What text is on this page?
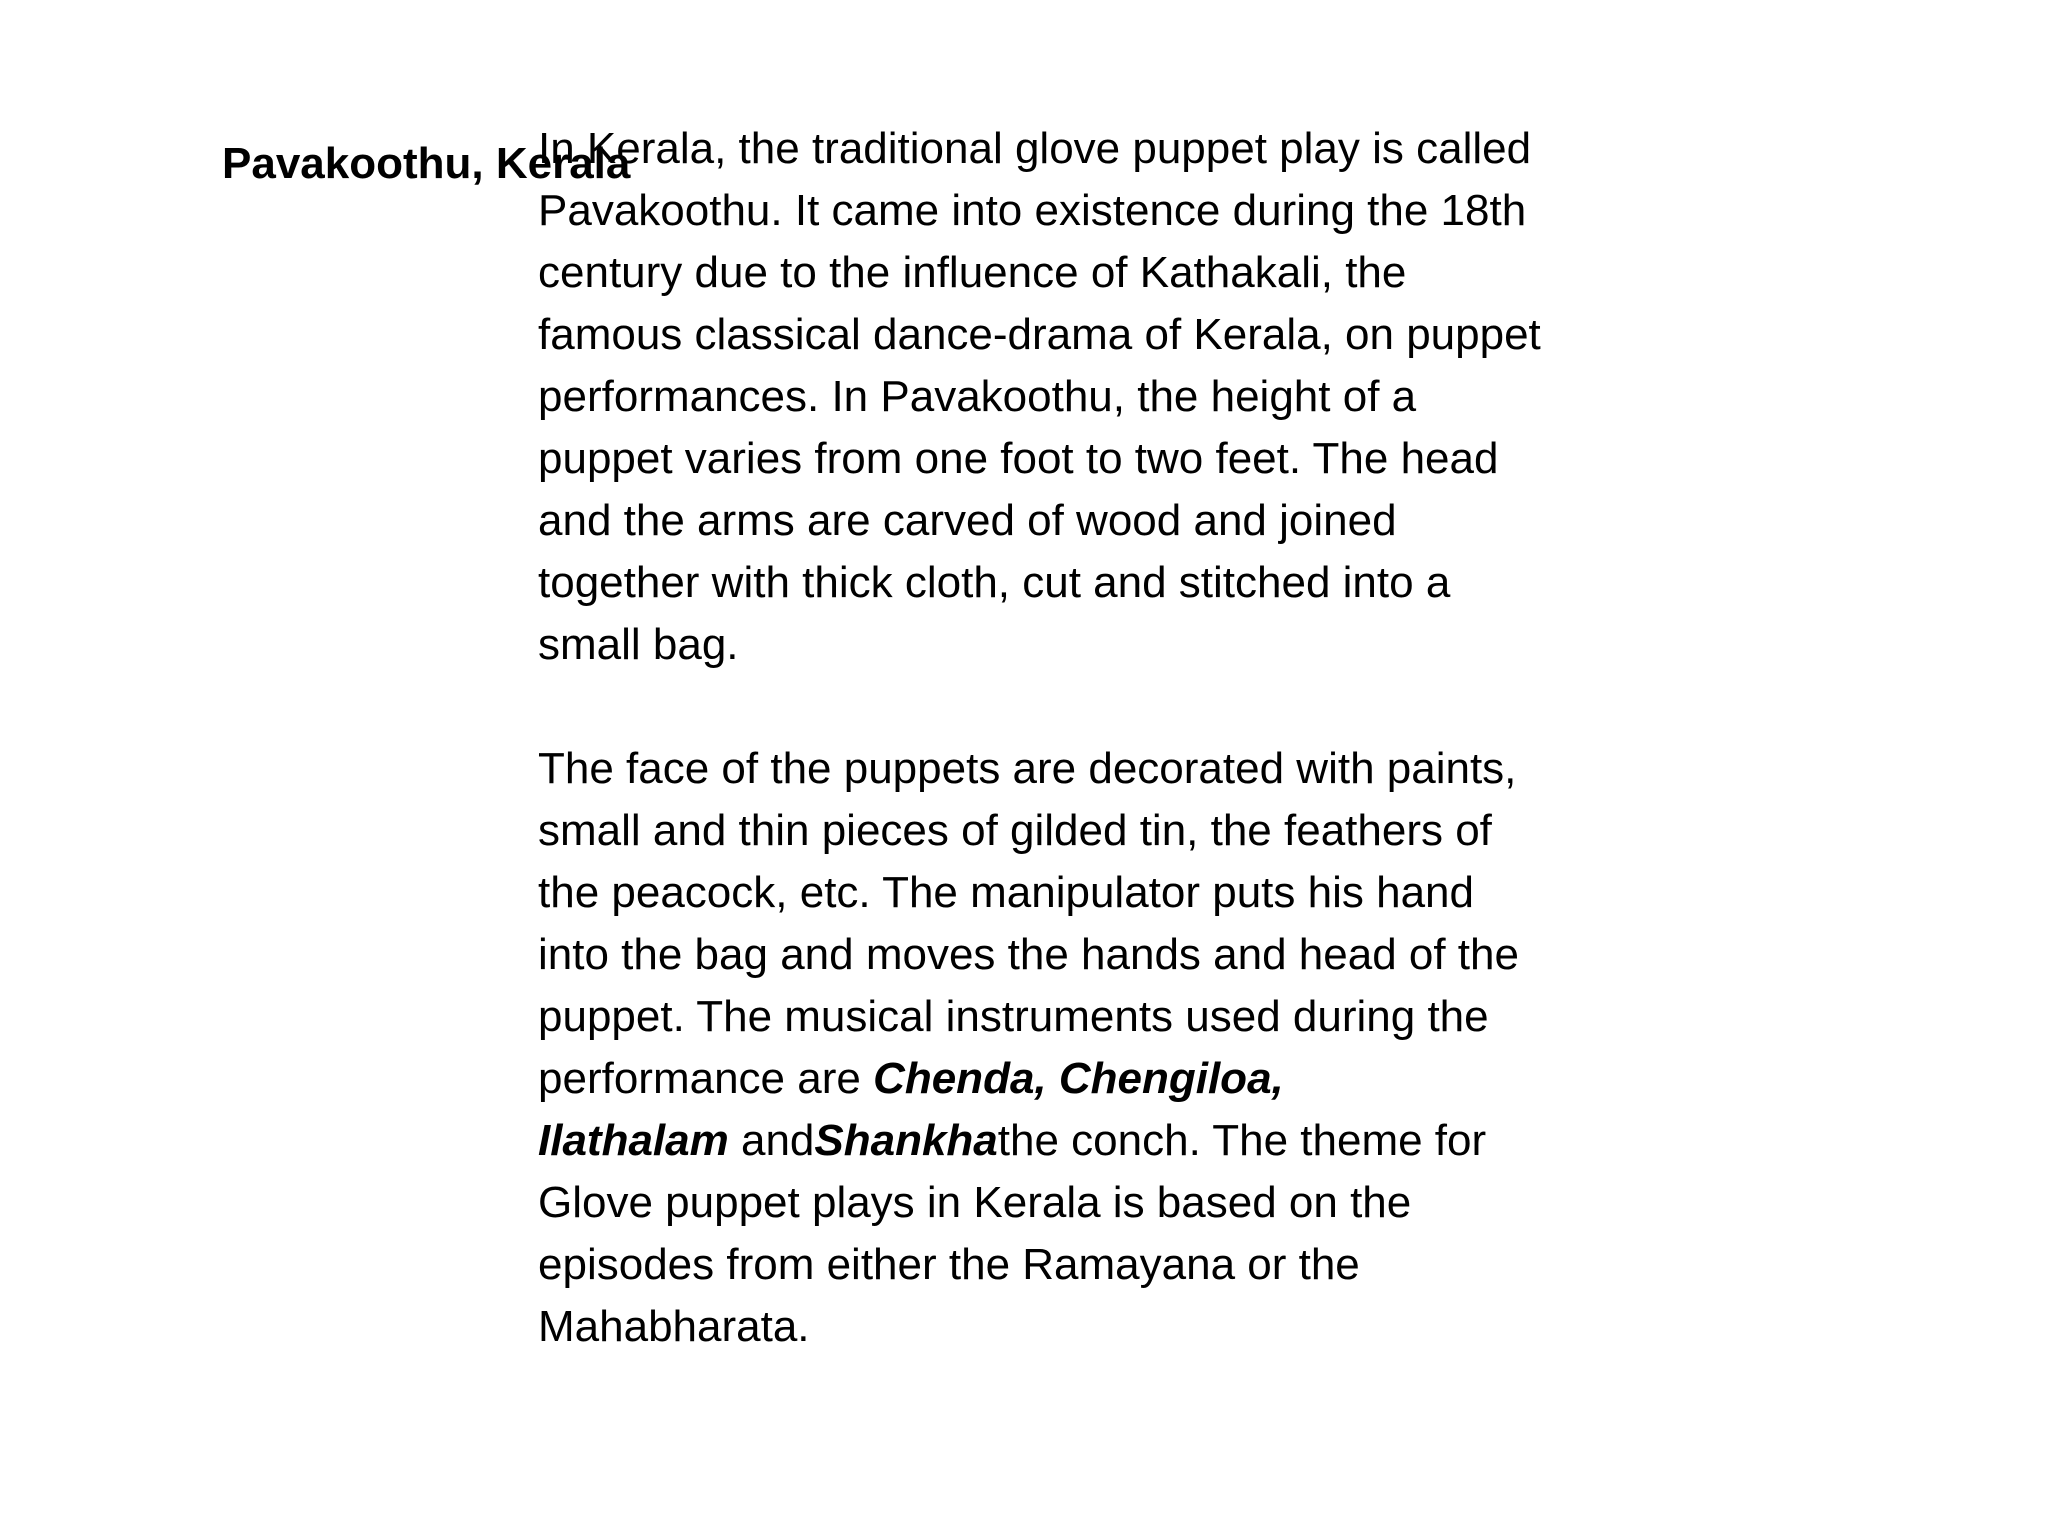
Pavakoothu, Kerala

In Kerala, the traditional glove puppet play is called Pavakoothu. It came into existence during the 18th century due to the influence of Kathakali, the famous classical dance-drama of Kerala, on puppet performances. In Pavakoothu, the height of a puppet varies from one foot to two feet. The head and the arms are carved of wood and joined together with thick cloth, cut and stitched into a small bag.

The face of the puppets are decorated with paints, small and thin pieces of gilded tin, the feathers of the peacock, etc. The manipulator puts his hand into the bag and moves the hands and head of the puppet. The musical instruments used during the performance are Chenda, Chengiloa,
Ilathalam andShankhathe conch. The theme for Glove puppet plays in Kerala is based on the episodes from either the Ramayana or the Mahabharata.
